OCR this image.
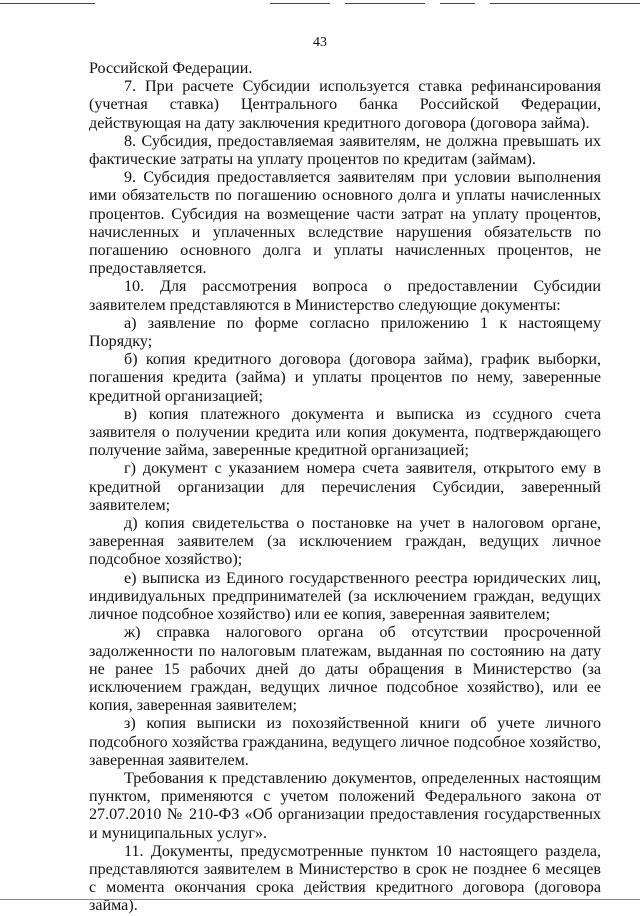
43

Российской Федерации.

7. При расчете Субсидии используется ставка рефинансирования (учетная ставка) Центрального банка Российской Федерации, действующая на дату заключения кредитного договора (договора займа).

8. Субсидия, предоставляемая заявителям, не должна превышать их фактические затраты на уплату процентов по кредитам (займам).

9. Субсидия предоставляется заявителям при условии выполнения ими обязательств по погашению основного долга и уплаты начисленных процентов. Субсидия на возмещение части затрат на уплату процентов, начисленных и уплаченных вследствие нарушения обязательств по погашению основного долга и уплаты начисленных процентов, не предоставляется.

10. Для рассмотрения вопроса о предоставлении Субсидии заявителем представляются в Министерство следующие документы:

а) заявление по форме согласно приложению 1 к настоящему Порядку;

б) копия кредитного договора (договора займа), график выборки, погашения кредита (займа) и уплаты процентов по нему, заверенные кредитной организацией;

в) копия платежного документа и выписка из ссудного счета заявителя о получении кредита или копия документа, подтверждающего получение займа, заверенные кредитной организацией;

г) документ с указанием номера счета заявителя, открытого ему в кредитной организации для перечисления Субсидии, заверенный заявителем;

д) копия свидетельства о постановке на учет в налоговом органе, заверенная заявителем (за исключением граждан, ведущих личное подсобное хозяйство);

е) выписка из Единого государственного реестра юридических лиц, индивидуальных предпринимателей (за исключением граждан, ведущих личное подсобное хозяйство) или ее копия, заверенная заявителем;

ж) справка налогового органа об отсутствии просроченной задолженности по налоговым платежам, выданная по состоянию на дату не ранее 15 рабочих дней до даты обращения в Министерство (за исключением граждан, ведущих личное подсобное хозяйство), или ее копия, заверенная заявителем;

з) копия выписки из похозяйственной книги об учете личного подсобного хозяйства гражданина, ведущего личное подсобное хозяйство, заверенная заявителем.

Требования к представлению документов, определенных настоящим пунктом, применяются с учетом положений Федерального закона от 27.07.2010 № 210-ФЗ «Об организации предоставления государственных и муниципальных услуг».

11. Документы, предусмотренные пунктом 10 настоящего раздела, представляются заявителем в Министерство в срок не позднее 6 месяцев с момента окончания срока действия кредитного договора (договора займа).
